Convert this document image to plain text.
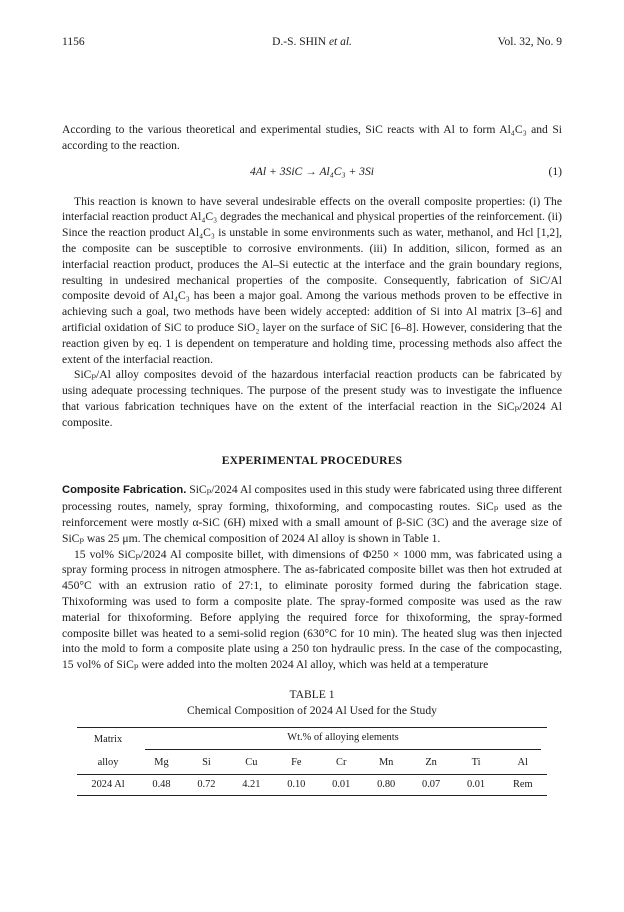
1156	D.-S. SHIN et al.	Vol. 32, No. 9

According to the various theoretical and experimental studies, SiC reacts with Al to form Al₄C₃ and Si according to the reaction.

4Al + 3SiC → Al₄C₃ + 3Si	(1)

This reaction is known to have several undesirable effects on the overall composite properties: (i) The interfacial reaction product Al₄C₃ degrades the mechanical and physical properties of the reinforcement. (ii) Since the reaction product Al₄C₃ is unstable in some environments such as water, methanol, and Hcl [1,2], the composite can be susceptible to corrosive environments. (iii) In addition, silicon, formed as an interfacial reaction product, produces the Al–Si eutectic at the interface and the grain boundary regions, resulting in undesired mechanical properties of the composite. Consequently, fabrication of SiC/Al composite devoid of Al₄C₃ has been a major goal. Among the various methods proven to be effective in achieving such a goal, two methods have been widely accepted: addition of Si into Al matrix [3–6] and artificial oxidation of SiC to produce SiO₂ layer on the surface of SiC [6–8]. However, considering that the reaction given by eq. 1 is dependent on temperature and holding time, processing methods also affect the extent of the interfacial reaction.

SiCₚ/Al alloy composites devoid of the hazardous interfacial reaction products can be fabricated by using adequate processing techniques. The purpose of the present study was to investigate the influence that various fabrication techniques have on the extent of the interfacial reaction in the SiCₚ/2024 Al composite.

EXPERIMENTAL PROCEDURES

Composite Fabrication. SiCₚ/2024 Al composites used in this study were fabricated using three different processing routes, namely, spray forming, thixoforming, and compocasting routes. SiCₚ used as the reinforcement were mostly α-SiC (6H) mixed with a small amount of β-SiC (3C) and the average size of SiCₚ was 25 μm. The chemical composition of 2024 Al alloy is shown in Table 1.

15 vol% SiCₚ/2024 Al composite billet, with dimensions of Φ250 × 1000 mm, was fabricated using a spray forming process in nitrogen atmosphere. The as-fabricated composite billet was then hot extruded at 450°C with an extrusion ratio of 27:1, to eliminate porosity formed during the fabrication stage. Thixoforming was used to form a composite plate. The spray-formed composite was used as the raw material for thixoforming. Before applying the required force for thixoforming, the spray-formed composite billet was heated to a semi-solid region (630°C for 10 min). The heated slug was then injected into the mold to form a composite plate using a 250 ton hydraulic press. In the case of the compocasting, 15 vol% of SiCₚ were added into the molten 2024 Al alloy, which was held at a temperature

TABLE 1
Chemical Composition of 2024 Al Used for the Study
Matrix	Wt.% of alloying elements								

alloy	Mg	Si	Cu	Fe	Cr	Mn	Zn	Ti	Al
2024 Al	0.48	0.72	4.21	0.10	0.01	0.80	0.07	0.01	Rem
